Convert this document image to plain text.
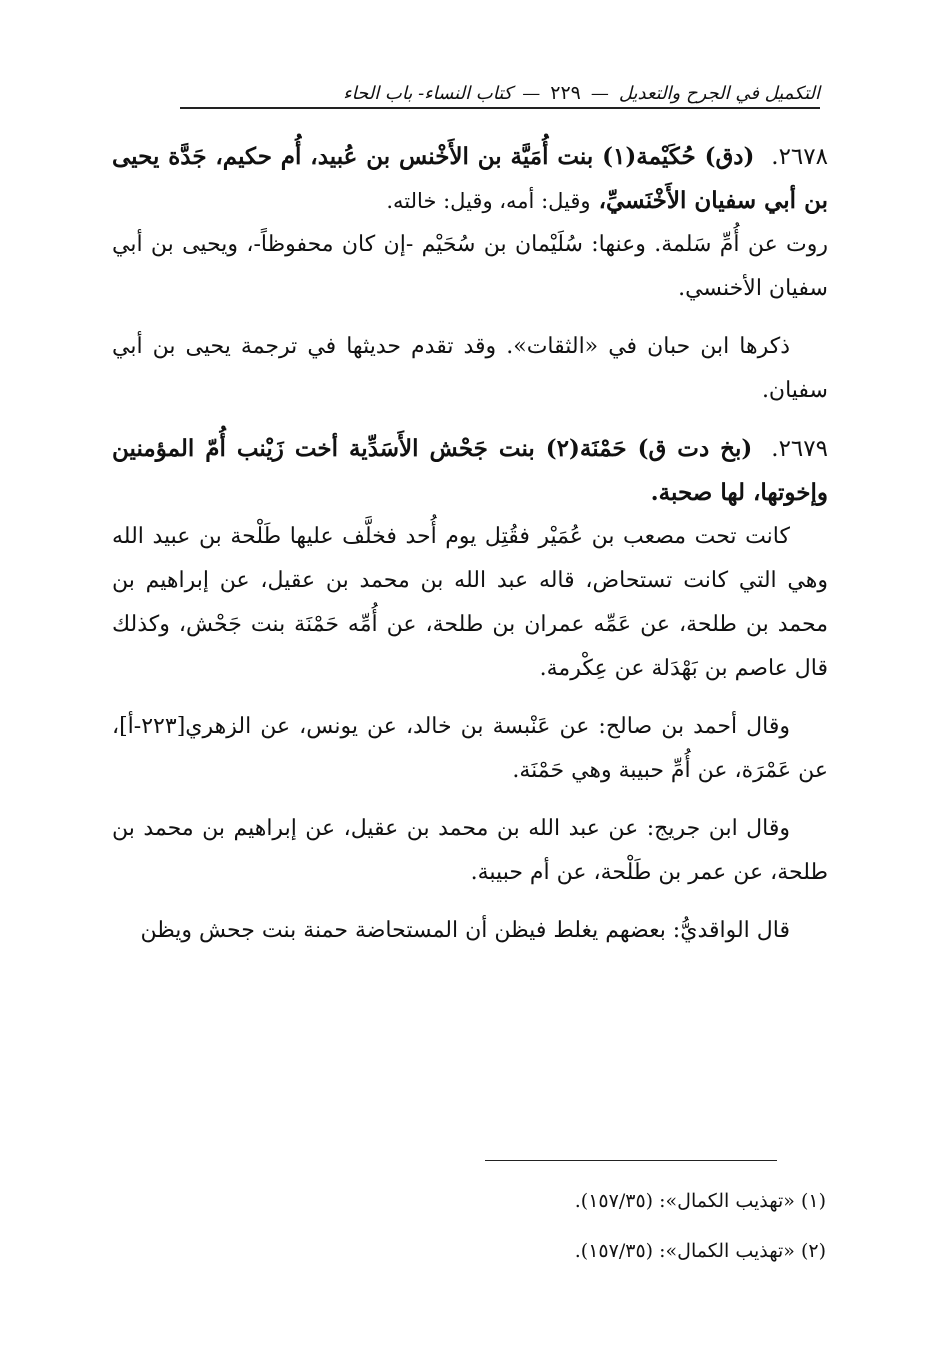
التكميل في الجرح والتعديل
—
٢٢٩
—
كتاب النساء- باب الحاء

٢٦٧٨. (دق) حُكَيْمة(١) بنت أُمَيَّة بن الأَخْنس بن عُبيد، أُم حكيم، جَدَّة يحيى بن أبي سفيان الأَخْنَسيِّ، وقيل: أمه، وقيل: خالته.

روت عن أُمِّ سَلمة. وعنها: سُلَيْمان بن سُحَيْم -إن كان محفوظاً-، ويحيى بن أبي سفيان الأخنسي.

ذكرها ابن حبان في «الثقات». وقد تقدم حديثها في ترجمة يحيى بن أبي سفيان.

٢٦٧٩. (بخ دت ق) حَمْنَة(٢) بنت جَحْش الأَسَدِّية أخت زَيْنب أُمّ المؤمنين وإخوتها، لها صحبة.

كانت تحت مصعب بن عُمَيْر فقُتِل يوم أُحد فخلَّف عليها طَلْحة بن عبيد الله وهي التي كانت تستحاض، قاله عبد الله بن محمد بن عقيل، عن إبراهيم بن محمد بن طلحة، عن عَمِّه عمران بن طلحة، عن أُمِّه حَمْنَة بنت جَحْش، وكذلك قال عاصم بن بَهْدَلة عن عِكْرمة.

وقال أحمد بن صالح: عن عَنْبسة بن خالد، عن يونس، عن الزهري[٢٢٣-أ]، عن عَمْرَة، عن أُمِّ حبيبة وهي حَمْنَة.

وقال ابن جريج: عن عبد الله بن محمد بن عقيل، عن إبراهيم بن محمد بن طلحة، عن عمر بن طَلْحة، عن أم حبيبة.

قال الواقديُّ: بعضهم يغلط فيظن أن المستحاضة حمنة بنت جحش ويظن

(١) «تهذيب الكمال»: (١٥٧/٣٥).
(٢) «تهذيب الكمال»: (١٥٧/٣٥).
